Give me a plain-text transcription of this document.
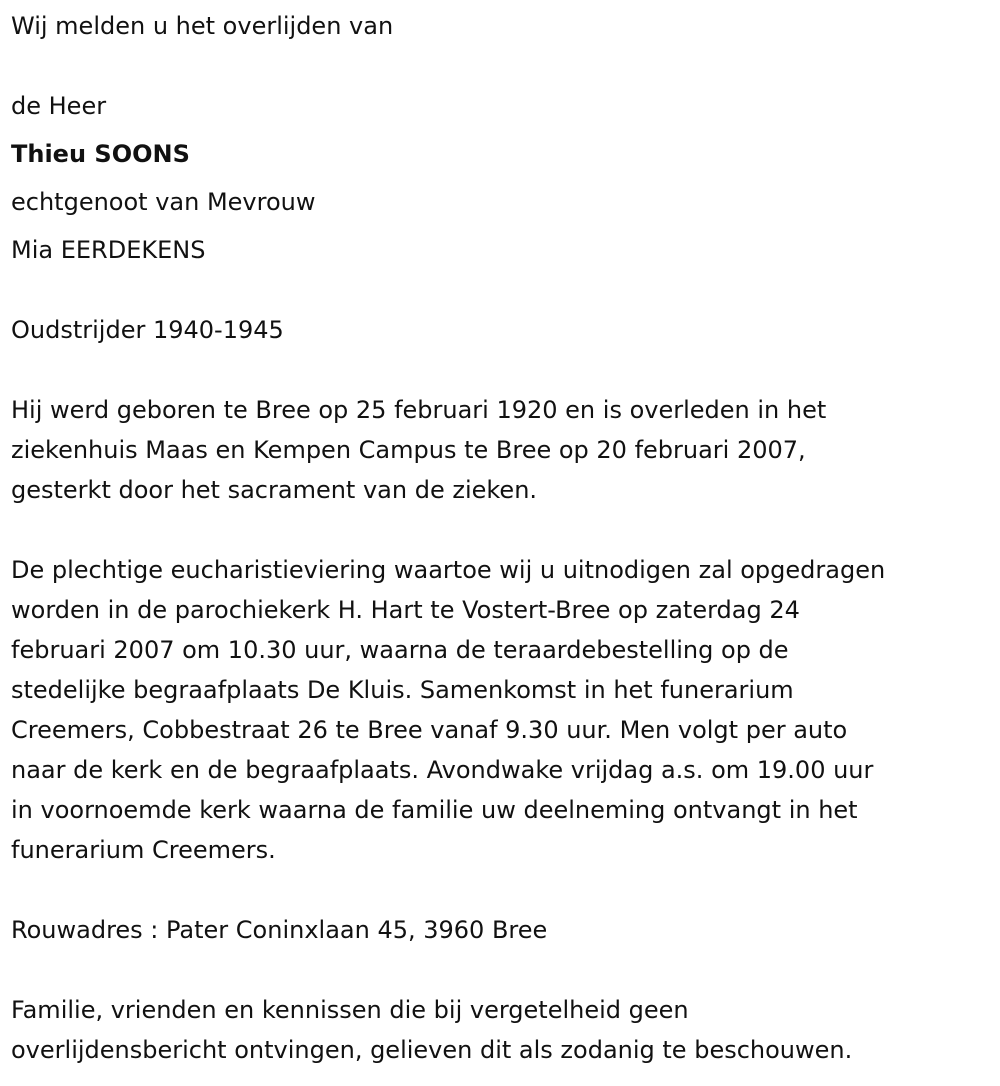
Wij melden u het overlijden van
de Heer
Thieu SOONS
echtgenoot van Mevrouw
Mia EERDEKENS
Oudstrijder 1940-1945
Hij werd geboren te Bree op 25 februari 1920 en is overleden in het
ziekenhuis Maas en Kempen Campus te Bree op 20 februari 2007,
gesterkt door het sacrament van de zieken.
De plechtige eucharistieviering waartoe wij u uitnodigen zal opgedragen
worden in de parochiekerk H. Hart te Vostert-Bree op zaterdag 24
februari 2007 om 10.30 uur, waarna de teraardebestelling op de
stedelijke begraafplaats De Kluis. Samenkomst in het funerarium
Creemers, Cobbestraat 26 te Bree vanaf 9.30 uur. Men volgt per auto
naar de kerk en de begraafplaats. Avondwake vrijdag a.s. om 19.00 uur
in voornoemde kerk waarna de familie uw deelneming ontvangt in het
funerarium Creemers.
Rouwadres : Pater Coninxlaan 45, 3960 Bree
Familie, vrienden en kennissen die bij vergetelheid geen
overlijdensbericht ontvingen, gelieven dit als zodanig te beschouwen.
